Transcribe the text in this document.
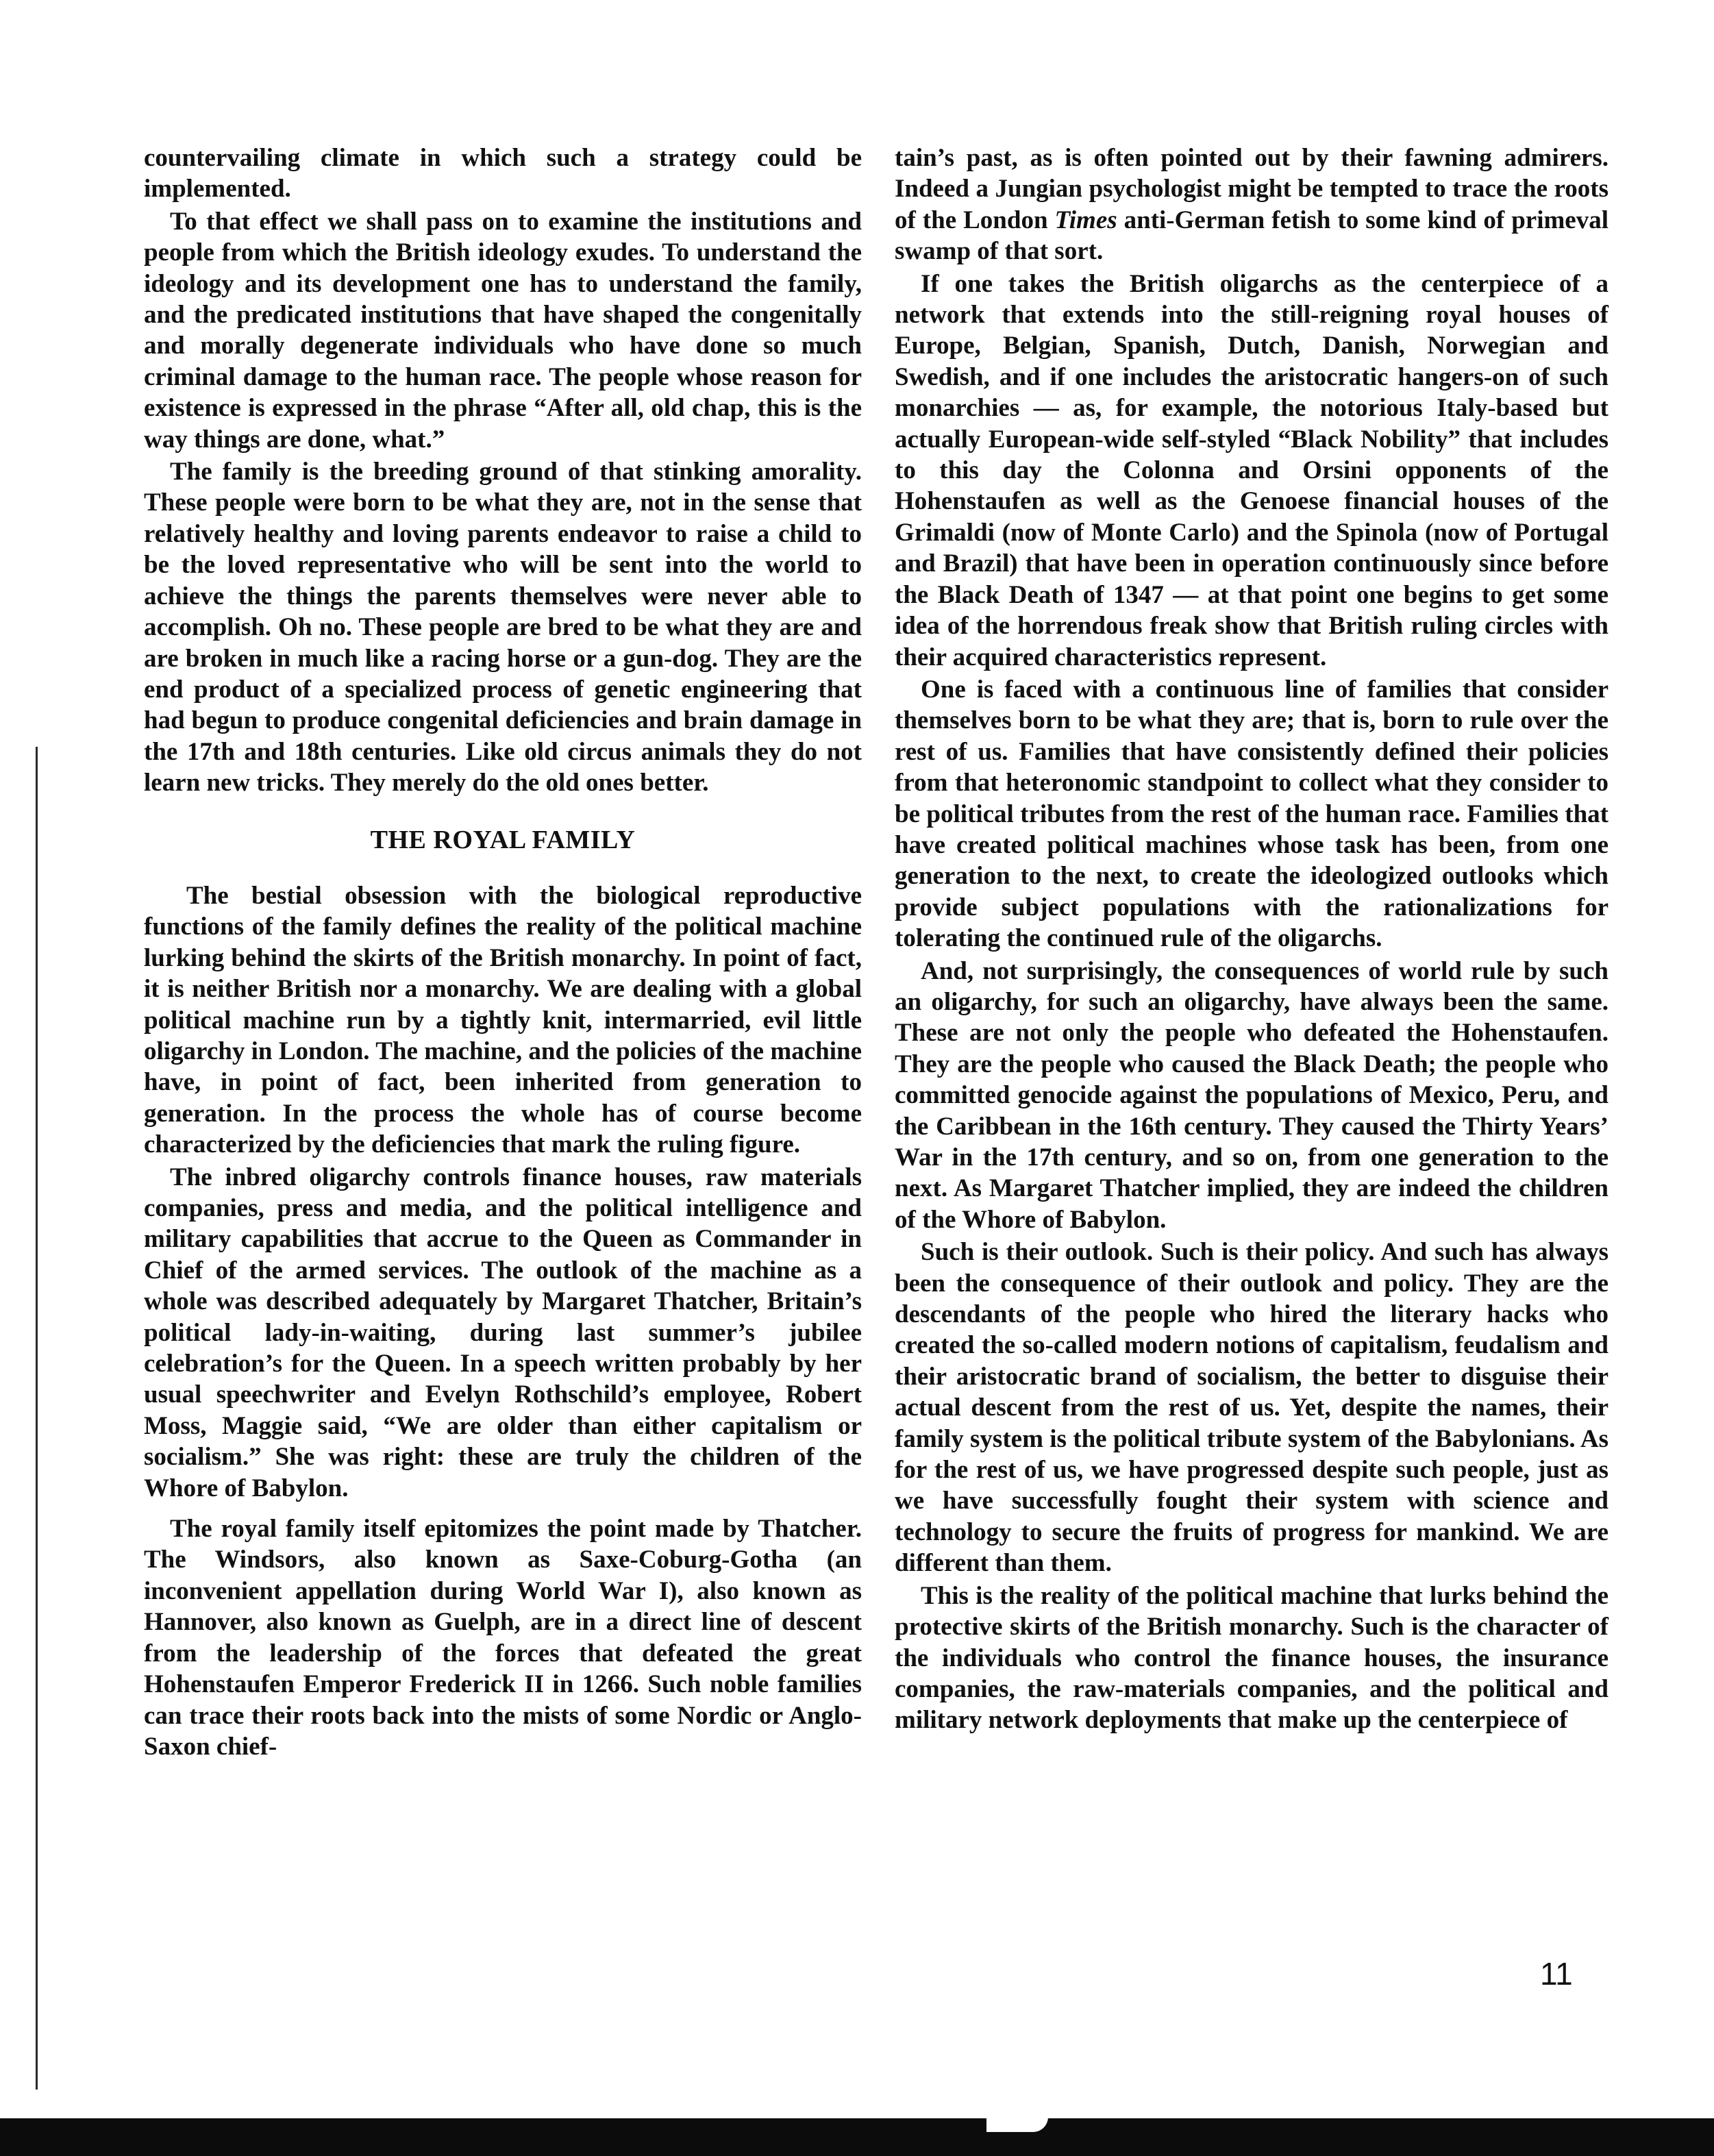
countervailing climate in which such a strategy could be implemented.

To that effect we shall pass on to examine the institutions and people from which the British ideology exudes. To understand the ideology and its development one has to understand the family, and the predicated institutions that have shaped the congenitally and morally degenerate individuals who have done so much criminal damage to the human race. The people whose reason for existence is expressed in the phrase “After all, old chap, this is the way things are done, what.”

The family is the breeding ground of that stinking amorality. These people were born to be what they are, not in the sense that relatively healthy and loving parents endeavor to raise a child to be the loved representative who will be sent into the world to achieve the things the parents themselves were never able to accomplish. Oh no. These people are bred to be what they are and are broken in much like a racing horse or a gun-dog. They are the end product of a specialized process of genetic engineering that had begun to produce congenital deficiencies and brain damage in the 17th and 18th centuries. Like old circus animals they do not learn new tricks. They merely do the old ones better.

THE ROYAL FAMILY

The bestial obsession with the biological reproductive functions of the family defines the reality of the political machine lurking behind the skirts of the British monarchy. In point of fact, it is neither British nor a monarchy. We are dealing with a global political machine run by a tightly knit, intermarried, evil little oligarchy in London. The machine, and the policies of the machine have, in point of fact, been inherited from generation to generation. In the process the whole has of course become characterized by the deficiencies that mark the ruling figure.

The inbred oligarchy controls finance houses, raw materials companies, press and media, and the political intelligence and military capabilities that accrue to the Queen as Commander in Chief of the armed services. The outlook of the machine as a whole was described adequately by Margaret Thatcher, Britain’s political lady-in-waiting, during last summer’s jubilee celebration’s for the Queen. In a speech written probably by her usual speechwriter and Evelyn Rothschild’s employee, Robert Moss, Maggie said, “We are older than either capitalism or socialism.” She was right: these are truly the children of the Whore of Babylon.

The royal family itself epitomizes the point made by Thatcher. The Windsors, also known as Saxe-Coburg-Gotha (an inconvenient appellation during World War I), also known as Hannover, also known as Guelph, are in a direct line of descent from the leadership of the forces that defeated the great Hohenstaufen Emperor Frederick II in 1266. Such noble families can trace their roots back into the mists of some Nordic or Anglo-Saxon chief-

tain’s past, as is often pointed out by their fawning admirers. Indeed a Jungian psychologist might be tempted to trace the roots of the London Times anti-German fetish to some kind of primeval swamp of that sort.

If one takes the British oligarchs as the centerpiece of a network that extends into the still-reigning royal houses of Europe, Belgian, Spanish, Dutch, Danish, Norwegian and Swedish, and if one includes the aristocratic hangers-on of such monarchies — as, for example, the notorious Italy-based but actually European-wide self-styled “Black Nobility” that includes to this day the Colonna and Orsini opponents of the Hohenstaufen as well as the Genoese financial houses of the Grimaldi (now of Monte Carlo) and the Spinola (now of Portugal and Brazil) that have been in operation continuously since before the Black Death of 1347 — at that point one begins to get some idea of the horrendous freak show that British ruling circles with their acquired characteristics represent.

One is faced with a continuous line of families that consider themselves born to be what they are; that is, born to rule over the rest of us. Families that have consistently defined their policies from that heteronomic standpoint to collect what they consider to be political tributes from the rest of the human race. Families that have created political machines whose task has been, from one generation to the next, to create the ideologized outlooks which provide subject populations with the rationalizations for tolerating the continued rule of the oligarchs.

And, not surprisingly, the consequences of world rule by such an oligarchy, for such an oligarchy, have always been the same. These are not only the people who defeated the Hohenstaufen. They are the people who caused the Black Death; the people who committed genocide against the populations of Mexico, Peru, and the Caribbean in the 16th century. They caused the Thirty Years’ War in the 17th century, and so on, from one generation to the next. As Margaret Thatcher implied, they are indeed the children of the Whore of Babylon.

Such is their outlook. Such is their policy. And such has always been the consequence of their outlook and policy. They are the descendants of the people who hired the literary hacks who created the so-called modern notions of capitalism, feudalism and their aristocratic brand of socialism, the better to disguise their actual descent from the rest of us. Yet, despite the names, their family system is the political tribute system of the Babylonians. As for the rest of us, we have progressed despite such people, just as we have successfully fought their system with science and technology to secure the fruits of progress for mankind. We are different than them.

This is the reality of the political machine that lurks behind the protective skirts of the British monarchy. Such is the character of the individuals who control the finance houses, the insurance companies, the raw-materials companies, and the political and military network deployments that make up the centerpiece of

11
